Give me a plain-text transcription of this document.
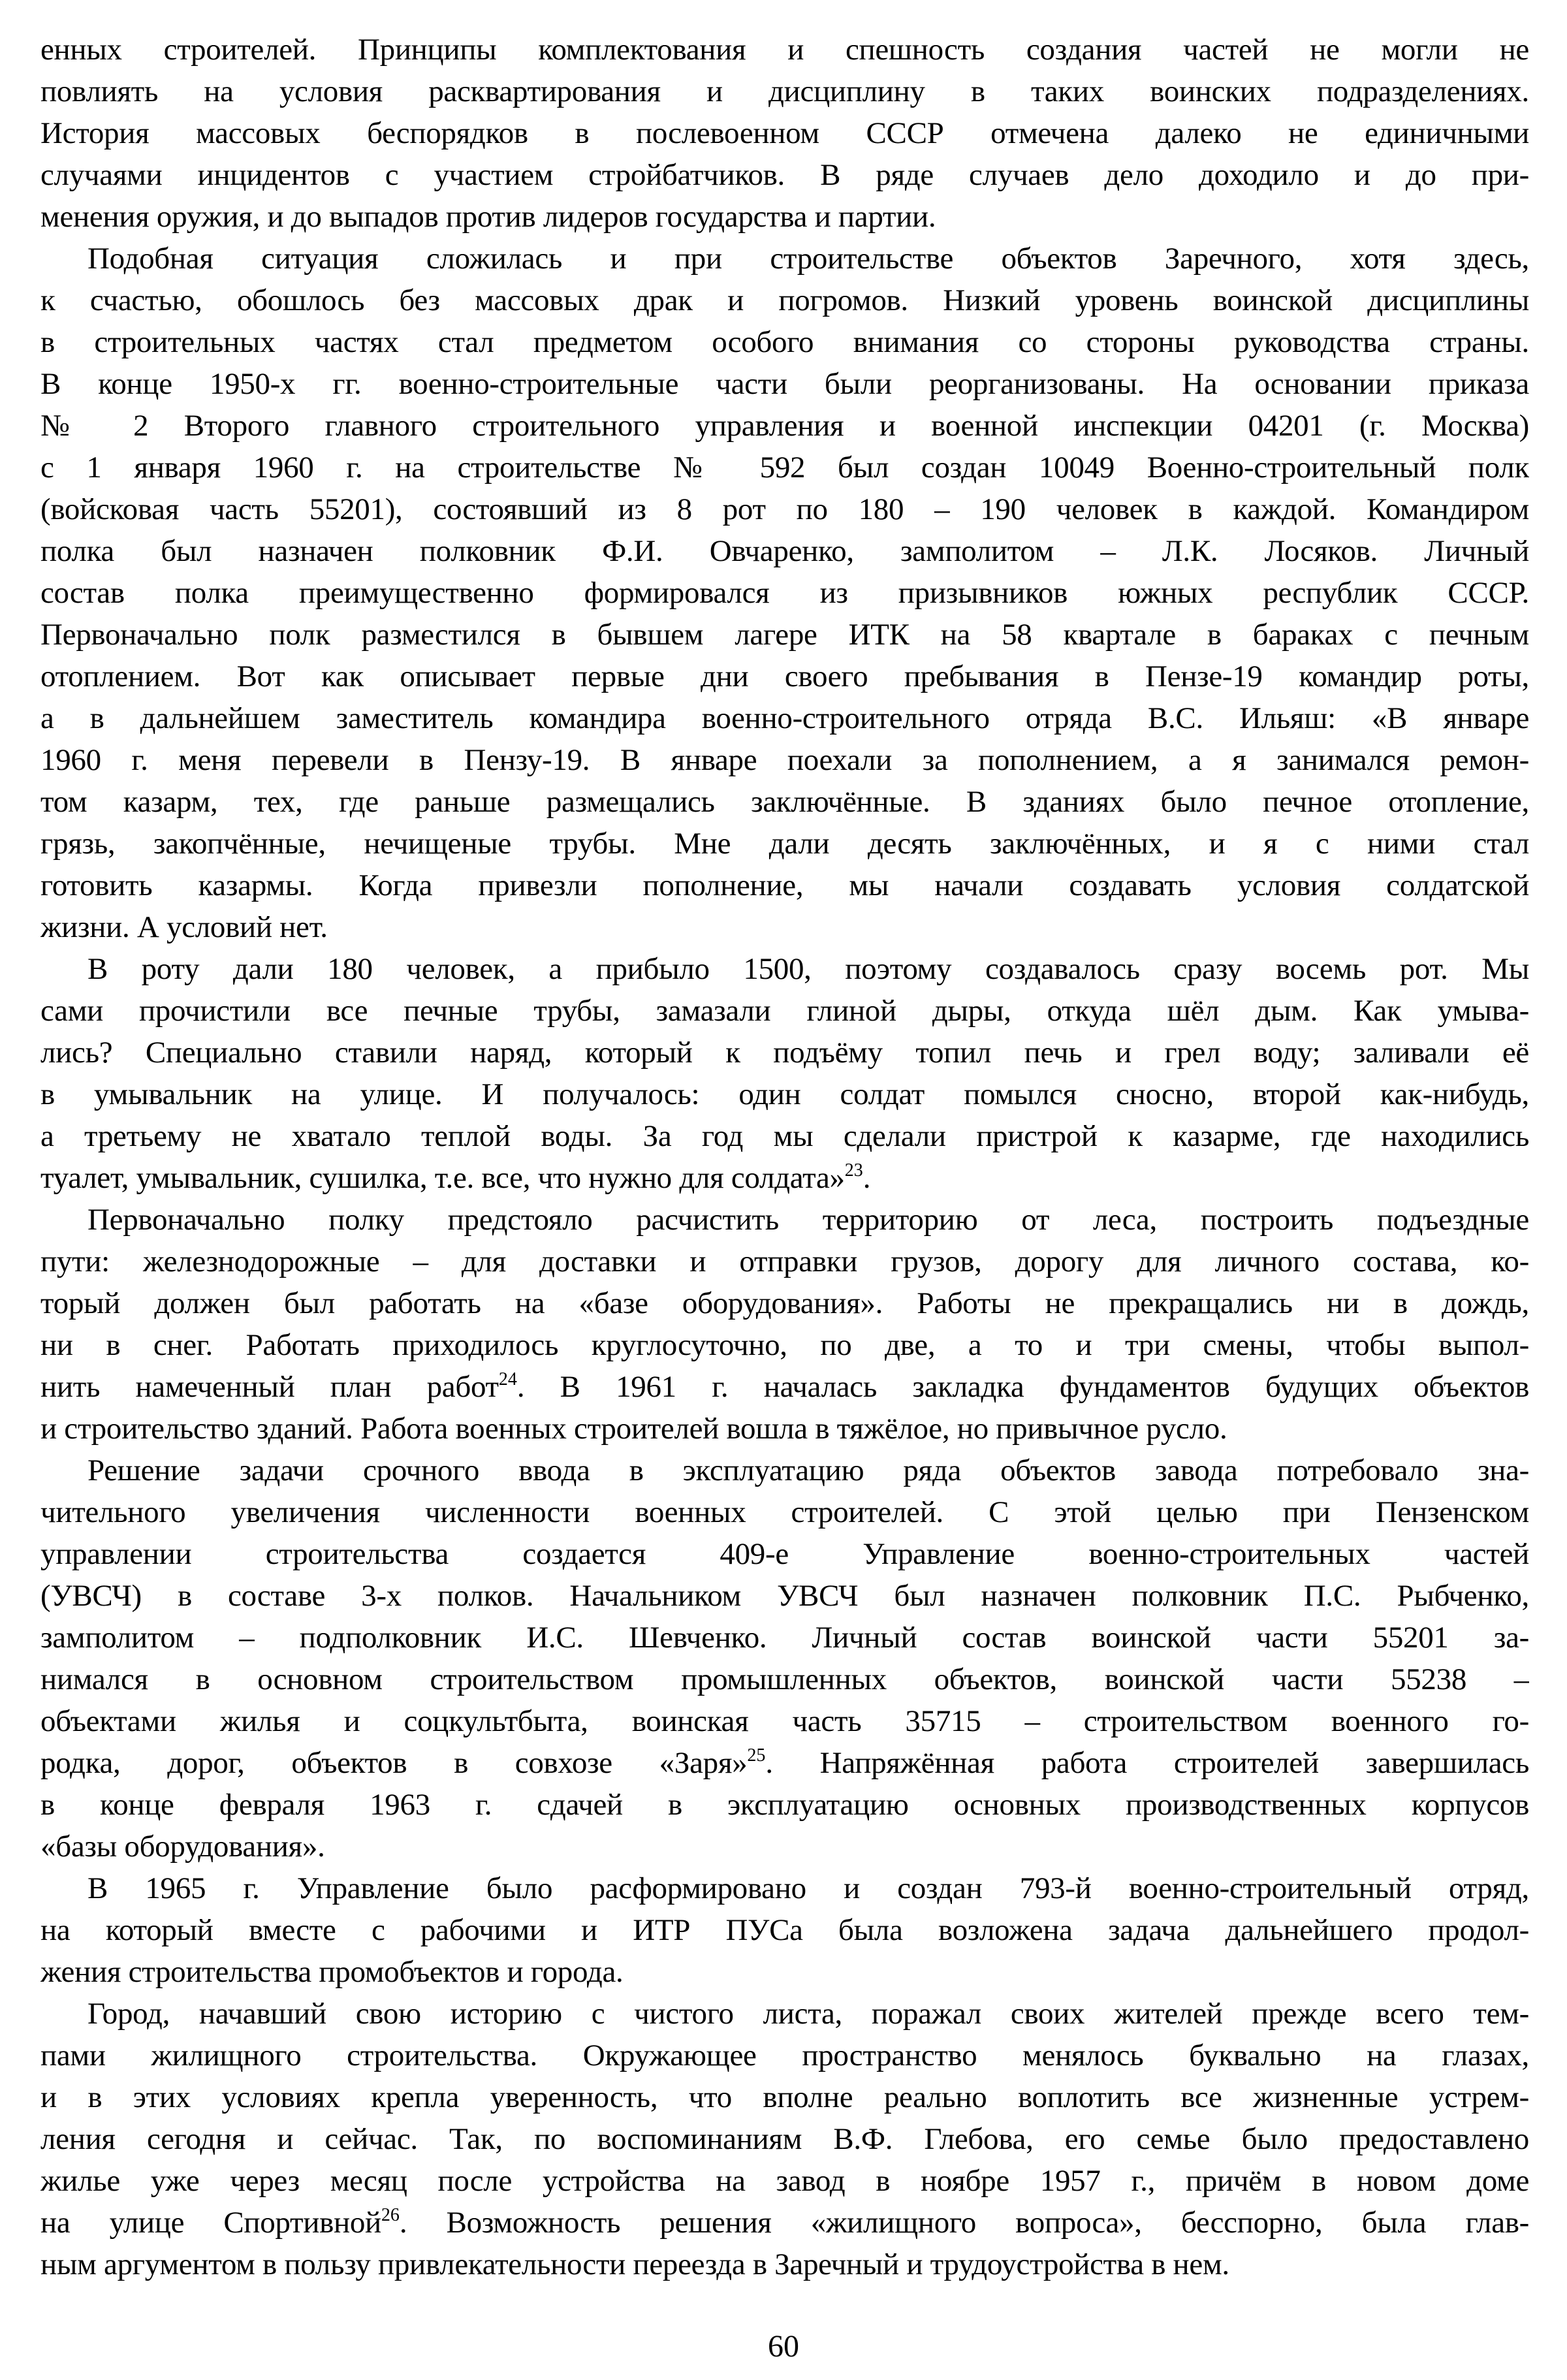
енных строителей. Принципы комплектования и спешность создания частей не могли не
повлиять на условия расквартирования и дисциплину в таких воинских подразделениях.
История массовых беспорядков в послевоенном СССР отмечена далеко не единичными
случаями инцидентов с участием стройбатчиков. В ряде случаев дело доходило и до при-
менения оружия, и до выпадов против лидеров государства и партии.
Подобная ситуация сложилась и при строительстве объектов Заречного, хотя здесь,
к счастью, обошлось без массовых драк и погромов. Низкий уровень воинской дисциплины
в строительных частях стал предметом особого внимания со стороны руководства страны.
В конце 1950-х гг. военно-строительные части были реорганизованы. На основании приказа
№ 2 Второго главного строительного управления и военной инспекции 04201 (г. Москва)
с 1 января 1960 г. на строительстве № 592 был создан 10049 Военно-строительный полк
(войсковая часть 55201), состоявший из 8 рот по 180 – 190 человек в каждой. Командиром
полка был назначен полковник Ф.И. Овчаренко, замполитом – Л.К. Лосяков. Личный
состав полка преимущественно формировался из призывников южных республик СССР.
Первоначально полк разместился в бывшем лагере ИТК на 58 квартале в бараках с печным
отоплением. Вот как описывает первые дни своего пребывания в Пензе-19 командир роты,
а в дальнейшем заместитель командира военно-строительного отряда В.С. Ильяш: «В январе
1960 г. меня перевели в Пензу-19. В январе поехали за пополнением, а я занимался ремон-
том казарм, тех, где раньше размещались заключённые. В зданиях было печное отопление,
грязь, закопчённые, нечищеные трубы. Мне дали десять заключённых, и я с ними стал
готовить казармы. Когда привезли пополнение, мы начали создавать условия солдатской
жизни. А условий нет.
В роту дали 180 человек, а прибыло 1500, поэтому создавалось сразу восемь рот. Мы
сами прочистили все печные трубы, замазали глиной дыры, откуда шёл дым. Как умыва-
лись? Специально ставили наряд, который к подъёму топил печь и грел воду; заливали её
в умывальник на улице. И получалось: один солдат помылся сносно, второй как-нибудь,
а третьему не хватало теплой воды. За год мы сделали пристрой к казарме, где находились
туалет, умывальник, сушилка, т.е. все, что нужно для солдата»$^{23}$.
Первоначально полку предстояло расчистить территорию от леса, построить подъездные
пути: железнодорожные – для доставки и отправки грузов, дорогу для личного состава, ко-
торый должен был работать на «базе оборудования». Работы не прекращались ни в дождь,
ни в снег. Работать приходилось круглосуточно, по две, а то и три смены, чтобы выпол-
нить намеченный план работ$^{24}$. В 1961 г. началась закладка фундаментов будущих объектов
и строительство зданий. Работа военных строителей вошла в тяжёлое, но привычное русло.
Решение задачи срочного ввода в эксплуатацию ряда объектов завода потребовало зна-
чительного увеличения численности военных строителей. С этой целью при Пензенском
управлении строительства создается 409-е Управление военно-строительных частей
(УВСЧ) в составе 3-х полков. Начальником УВСЧ был назначен полковник П.С. Рыбченко,
замполитом – подполковник И.С. Шевченко. Личный состав воинской части 55201 за-
нимался в основном строительством промышленных объектов, воинской части 55238 –
объектами жилья и соцкультбыта, воинская часть 35715 – строительством военного го-
родка, дорог, объектов в совхозе «Заря»$^{25}$. Напряжённая работа строителей завершилась
в конце февраля 1963 г. сдачей в эксплуатацию основных производственных корпусов
«базы оборудования».
В 1965 г. Управление было расформировано и создан 793-й военно-строительный отряд,
на который вместе с рабочими и ИТР ПУСа была возложена задача дальнейшего продол-
жения строительства промобъектов и города.
Город, начавший свою историю с чистого листа, поражал своих жителей прежде всего тем-
пами жилищного строительства. Окружающее пространство менялось буквально на глазах,
и в этих условиях крепла уверенность, что вполне реально воплотить все жизненные устрем-
ления сегодня и сейчас. Так, по воспоминаниям В.Ф. Глебова, его семье было предоставлено
жилье уже через месяц после устройства на завод в ноябре 1957 г., причём в новом доме
на улице Спортивной$^{26}$. Возможность решения «жилищного вопроса», бесспорно, была глав-
ным аргументом в пользу привлекательности переезда в Заречный и трудоустройства в нем.
60
